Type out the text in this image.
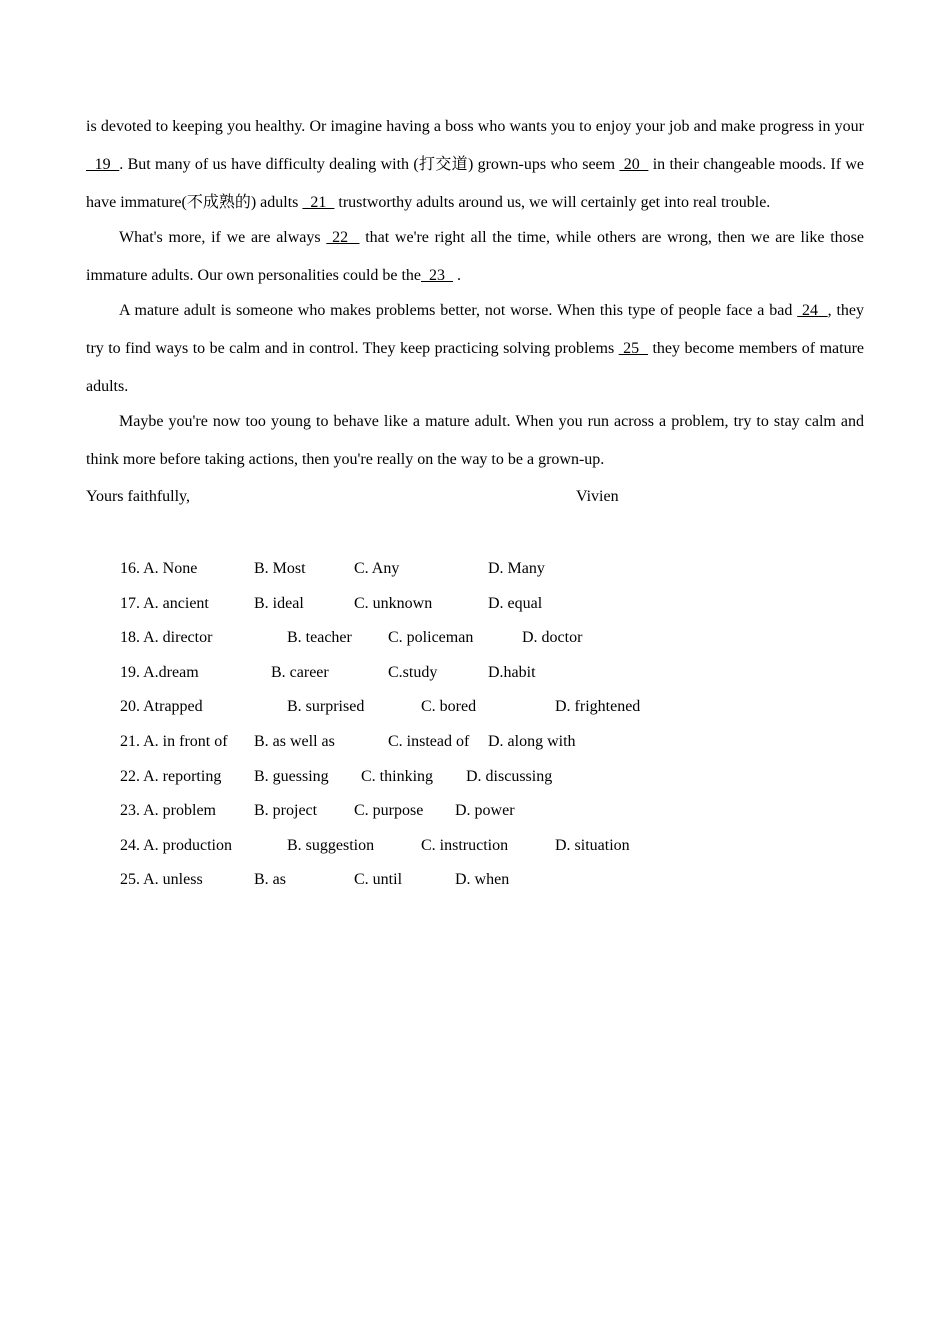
is devoted to keeping you healthy. Or imagine having a boss who wants you to enjoy your job and make progress in your   19  . But many of us have difficulty dealing with (打交道) grown-ups who seem  20   in their changeable moods. If we have immature(不成熟的) adults   21   trustworthy adults around us, we will certainly get into real trouble.

What's more, if we are always  22   that we're right all the time, while others are wrong, then we are like those immature adults. Our own personalities could be the  23   .

A mature adult is someone who makes problems better, not worse. When this type of people face a bad  24  , they try to find ways to be calm and in control. They keep practicing solving problems  25   they become members of mature adults.

Maybe you're now too young to behave like a mature adult. When you run across a problem, try to stay calm and think more before taking actions, then you're really on the way to be a grown-up.

Yours faithfully,	Vivien
16. A. None	B. Most	C. Any	D. Many
17. A. ancient	B. ideal	C. unknown	D. equal
18. A. director	B. teacher C. policeman	D. doctor
19. A.dream	B. career	C.study	D.habit
20. Atrapped	B. surprised	C. bored	D. frightened
21. A. in front of B. as well as	C. instead of D. along with
22. A. reporting B. guessing C. thinking D. discussing
23. A. problem B. project C. purpose D. power
24. A. production	B. suggestion	C. instruction	D. situation
25. A. unless	B. as	C. until	D. when
